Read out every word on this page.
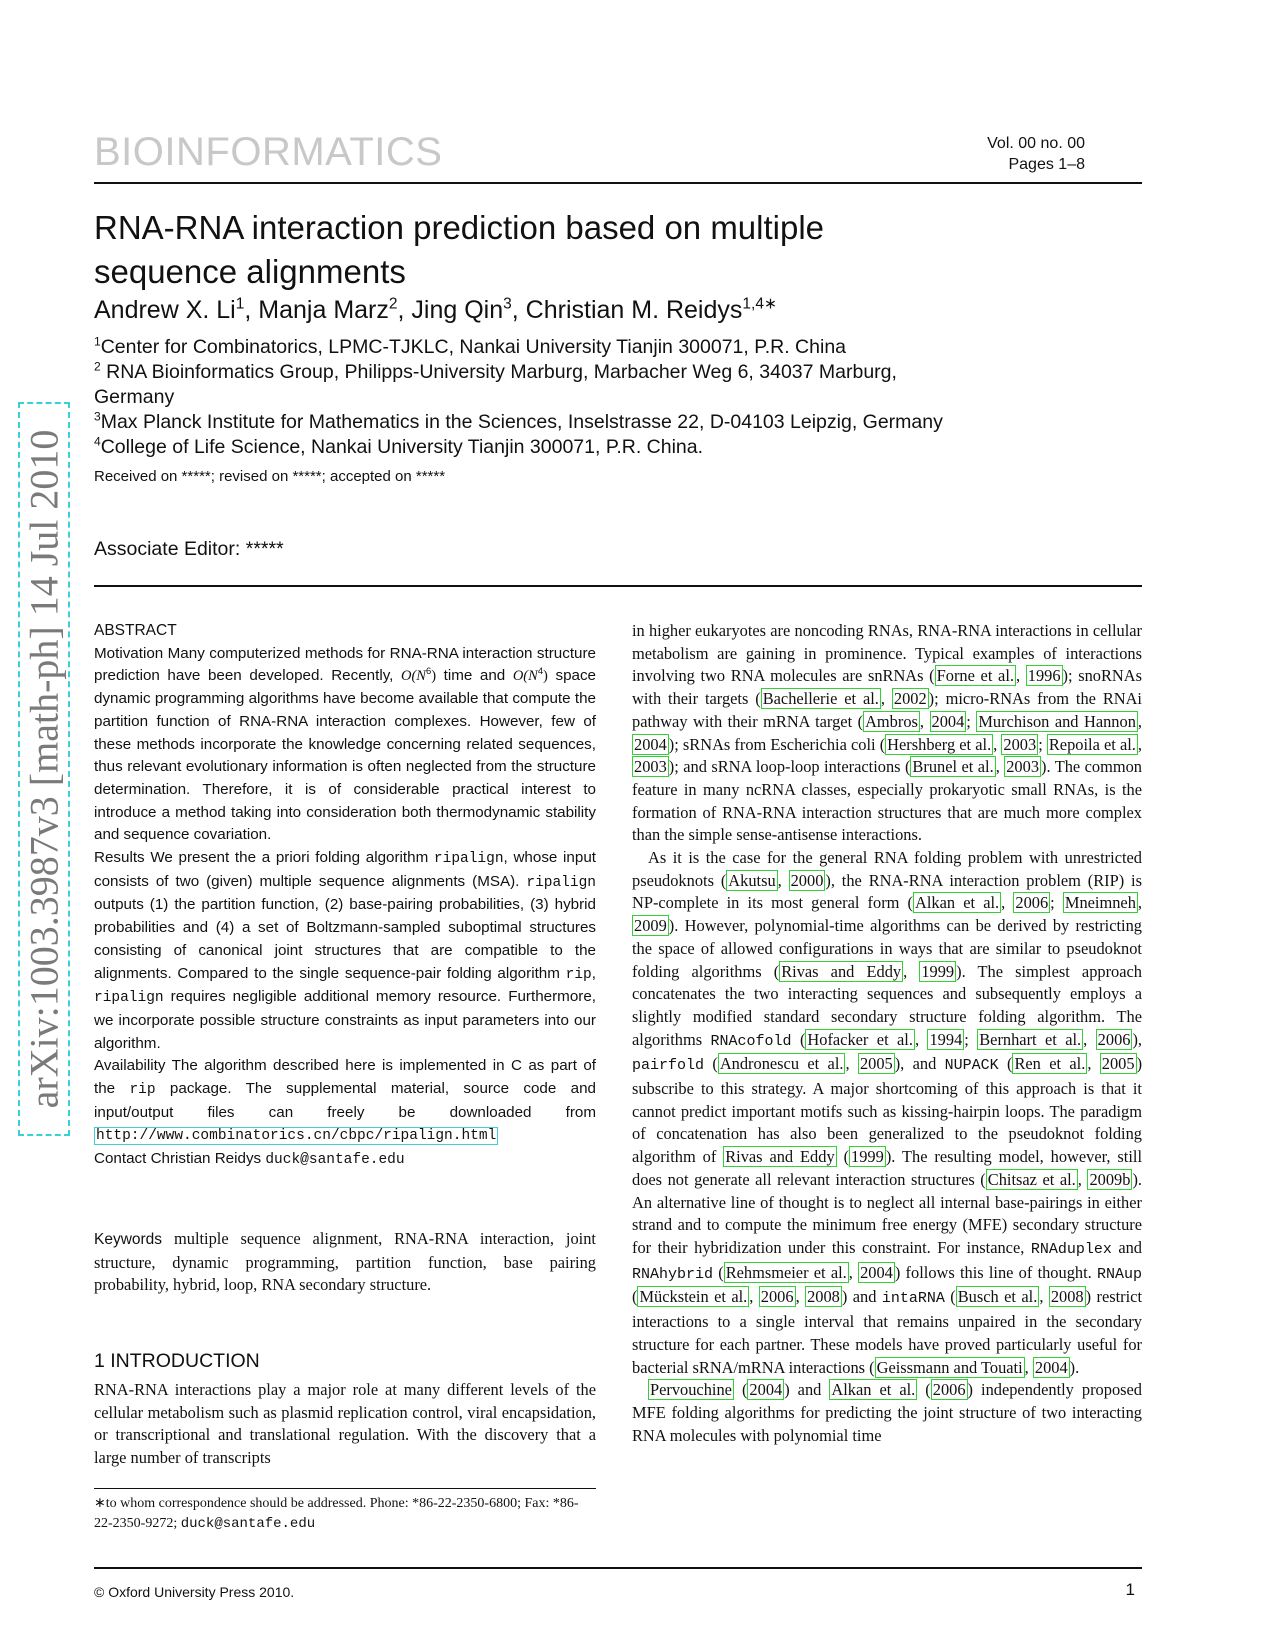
BIOINFORMATICS	Vol. 00 no. 00
Pages 1–8
arXiv:1003.3987v3 [math-ph] 14 Jul 2010
RNA-RNA interaction prediction based on multiple
sequence alignments
Andrew X. Li$^1$, Manja Marz$^2$, Jing Qin$^3$, Christian M. Reidys$^{1,4∗}$
$^1$Center for Combinatorics, LPMC-TJKLC, Nankai University Tianjin 300071, P.R. China
$^2$ RNA Bioinformatics Group, Philipps-University Marburg, Marbacher Weg 6, 34037 Marburg,
Germany
$^3$Max Planck Institute for Mathematics in the Sciences, Inselstrasse 22, D-04103 Leipzig, Germany
$^4$College of Life Science, Nankai University Tianjin 300071, P.R. China.
Received on *****; revised on *****; accepted on *****
Associate Editor: *****
ABSTRACT

Motivation Many computerized methods for RNA-RNA interaction structure prediction have been developed. Recently, $O(N^6)$ time and $O(N^4)$ space dynamic programming algorithms have become available that compute the partition function of RNA-RNA interaction complexes. However, few of these methods incorporate the knowledge concerning related sequences, thus relevant evolutionary information is often neglected from the structure determination. Therefore, it is of considerable practical interest to introduce a method taking into consideration both thermodynamic stability and sequence covariation.

Results We present the a priori folding algorithm ripalign, whose input consists of two (given) multiple sequence alignments (MSA). ripalign outputs (1) the partition function, (2) base-pairing probabilities, (3) hybrid probabilities and (4) a set of Boltzmann-sampled suboptimal structures consisting of canonical joint structures that are compatible to the alignments. Compared to the single sequence-pair folding algorithm rip, ripalign requires negligible additional memory resource. Furthermore, we incorporate possible structure constraints as input parameters into our algorithm.

Availability The algorithm described here is implemented in C as part of the rip package. The supplemental material, source code and input/output files can freely be downloaded from http://www.combinatorics.cn/cbpc/ripalign.html

Contact Christian Reidys duck@santafe.edu

Keywords multiple sequence alignment, RNA-RNA interaction, joint structure, dynamic programming, partition function, base pairing probability, hybrid, loop, RNA secondary structure.

1 INTRODUCTION

RNA-RNA interactions play a major role at many different levels of the cellular metabolism such as plasmid replication control, viral encapsidation, or transcriptional and translational regulation. With the discovery that a large number of transcripts

in higher eukaryotes are noncoding RNAs, RNA-RNA interactions in cellular metabolism are gaining in prominence. Typical examples of interactions involving two RNA molecules are snRNAs ( Forne et al. , 1996 ); snoRNAs with their targets ( Bachellerie et al. , 2002 ); micro-RNAs from the RNAi pathway with their mRNA target ( Ambros , 2004 ; Murchison and Hannon , 2004 ); sRNAs from Escherichia coli ( Hershberg et al. , 2003 ; Repoila et al. , 2003 ); and sRNA loop-loop interactions ( Brunel et al. , 2003 ). The common feature in many ncRNA classes, especially prokaryotic small RNAs, is the formation of RNA-RNA interaction structures that are much more complex than the simple sense-antisense interactions.

As it is the case for the general RNA folding problem with unrestricted pseudoknots ( Akutsu , 2000 ), the RNA-RNA interaction problem (RIP) is NP-complete in its most general form ( Alkan et al. , 2006 ; Mneimneh , 2009 ). However, polynomial-time algorithms can be derived by restricting the space of allowed configurations in ways that are similar to pseudoknot folding algorithms ( Rivas and Eddy , 1999 ). The simplest approach concatenates the two interacting sequences and subsequently employs a slightly modified standard secondary structure folding algorithm. The algorithms RNAcofold ( Hofacker et al. , 1994 ; Bernhart et al. , 2006 ), pairfold ( Andronescu et al. , 2005 ), and NUPACK ( Ren et al. , 2005 ) subscribe to this strategy. A major shortcoming of this approach is that it cannot predict important motifs such as kissing-hairpin loops. The paradigm of concatenation has also been generalized to the pseudoknot folding algorithm of Rivas and Eddy ( 1999 ). The resulting model, however, still does not generate all relevant interaction structures ( Chitsaz et al. , 2009b ). An alternative line of thought is to neglect all internal base-pairings in either strand and to compute the minimum free energy (MFE) secondary structure for their hybridization under this constraint. For instance, RNAduplex and RNAhybrid ( Rehmsmeier et al. , 2004 ) follows this line of thought. RNAup ( Mückstein et al. , 2006 , 2008 ) and intaRNA ( Busch et al. , 2008 ) restrict interactions to a single interval that remains unpaired in the secondary structure for each partner. These models have proved particularly useful for bacterial sRNA/mRNA interactions ( Geissmann and Touati , 2004 ).

Pervouchine ( 2004 ) and Alkan et al. ( 2006 ) independently proposed MFE folding algorithms for predicting the joint structure of two interacting RNA molecules with polynomial time

∗to whom correspondence should be addressed. Phone: *86-22-2350-6800; Fax: *86-22-2350-9272; duck@santafe.edu
© Oxford University Press 2010.	1
